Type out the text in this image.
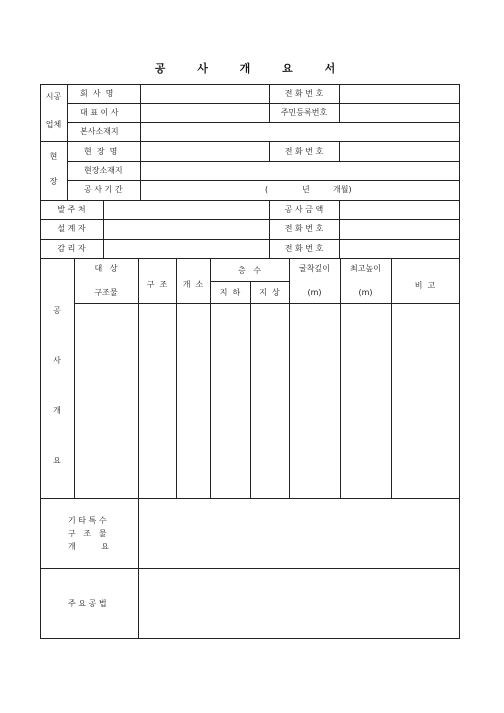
공 사 개 요 서
시공
업체
회  사  명	전 화 번 호
대 표 이 사	주민등록번호
본사소재지
현
장
현  장  명	전 화 번 호
현장소재지
공 사 기 간	(	년	개월)
발 주 처	공 사 금 액
설 계 자	전 화 번 호
감 리 자	전 화 번 호
공
사
개
요
대   상
구조물
구  조	개  소
층   수
지  하	지  상
굴착깊이
(m)
최고높이
(m)
비  고
기 타 특 수
구   조   물
개          요
주 요 공 법
